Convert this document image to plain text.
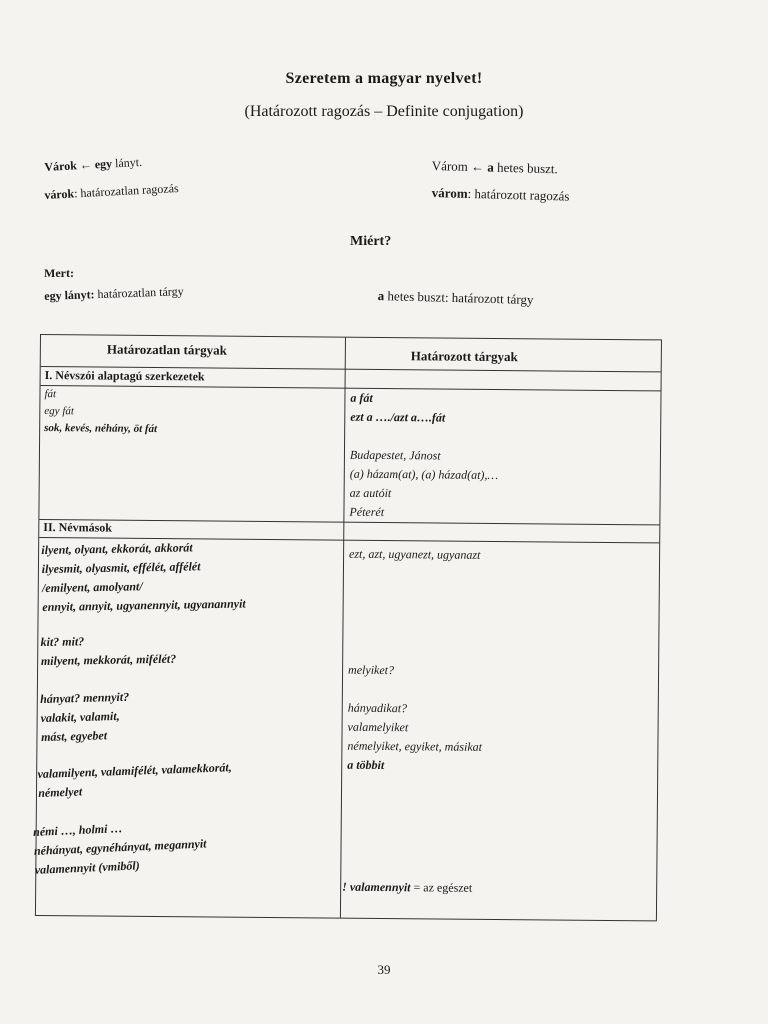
Szeretem a magyar nyelvet!
(Határozott ragozás – Definite conjugation)
Várok ← egy lányt.
várok: határozatlan ragozás
Várom ← a hetes buszt.
várom: határozott ragozás
Miért?
Mert:
egy lányt: határozatlan tárgy	a hetes buszt: határozott tárgy
Határozatlan tárgyak	Határozott tárgyak
I. Névszói alaptagú szerkezetek
fát
egy fát
sok, kevés, néhány, öt fát
a fát
ezt a …./azt a….fát
Budapestet, Jánost
(a) házam(at), (a) házad(at),…
az autóit
Péterét
II. Névmások
ilyent, olyant, ekkorát, akkorát
ilyesmit, olyasmit, effélét, affélét
/emilyent, amolyant/
ennyit, annyit, ugyanennyit, ugyanannyit
kit? mit?
milyent, mekkorát, mifélét?
hányat? mennyit?
valakit, valamit,
mást, egyebet
valamilyent, valamifélét, valamekkorát,
némelyet
némi …, holmi …
néhányat, egynéhányat, megannyit
valamennyit (vmiből)
ezt, azt, ugyanezt, ugyanazt
melyiket?
hányadikat?
valamelyiket
némelyiket, egyiket, másikat
a többit
! valamennyit = az egészet
39
